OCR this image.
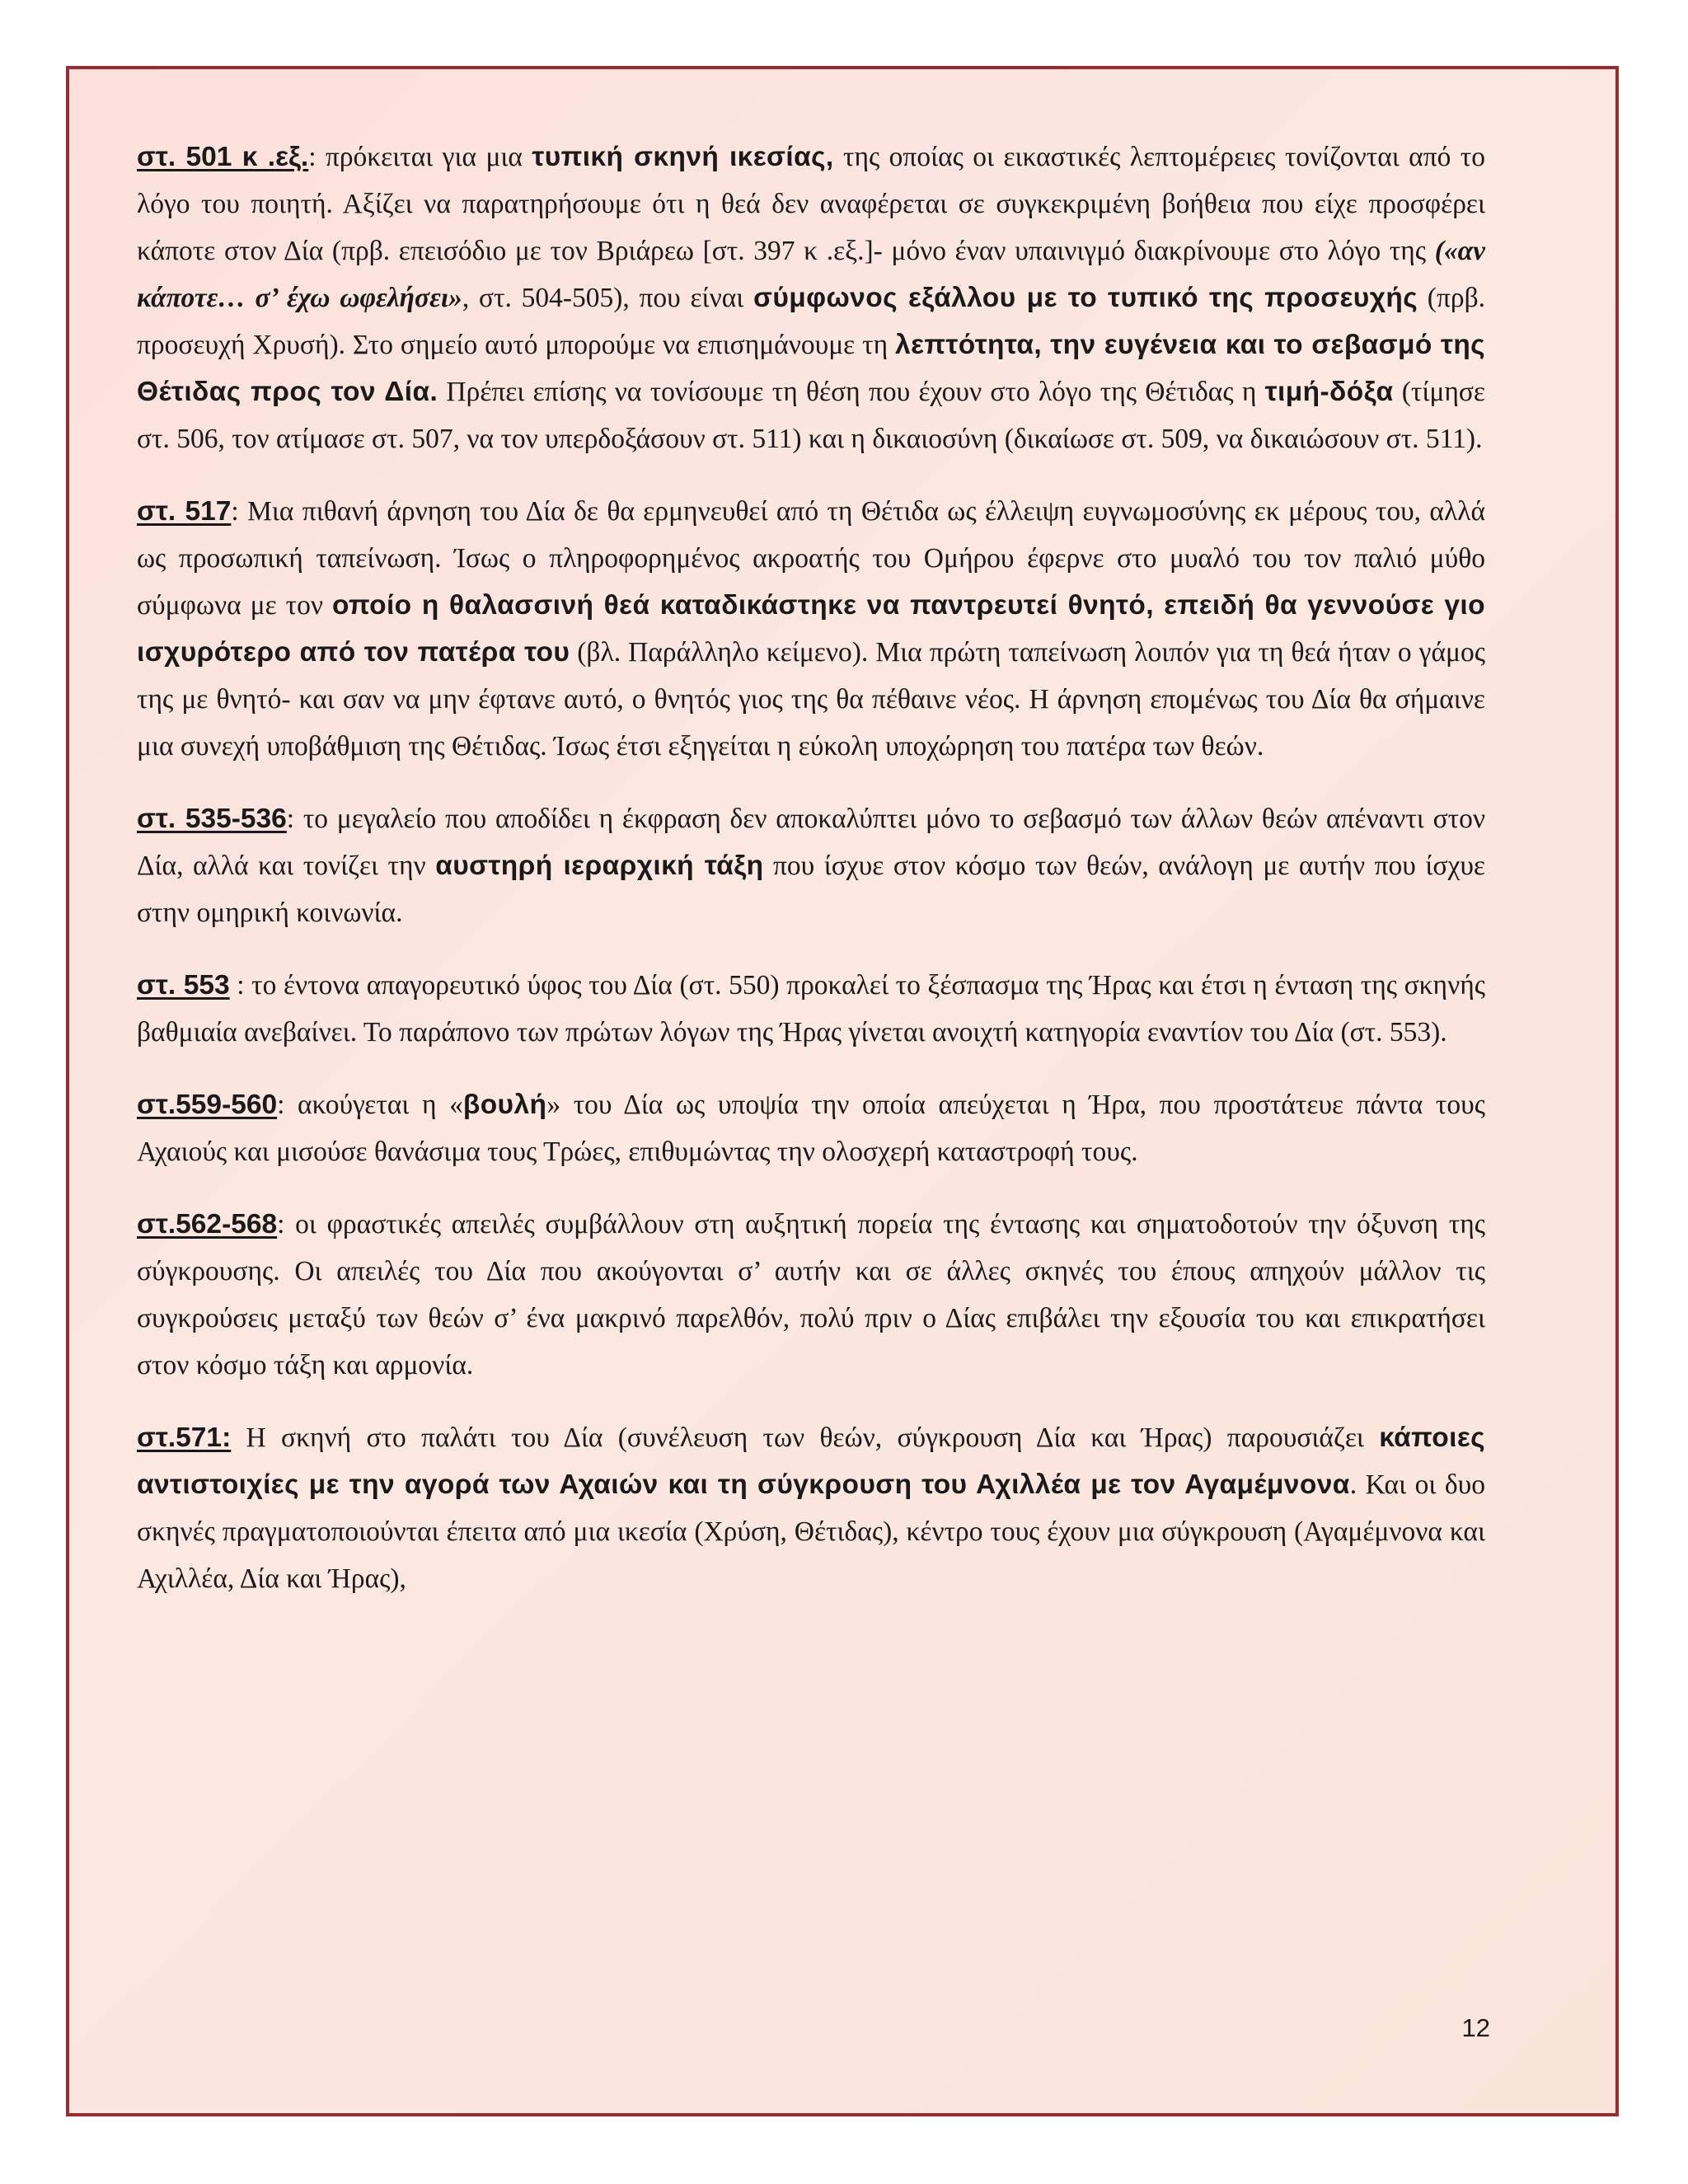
στ. 501 κ .εξ.: πρόκειται για μια τυπική σκηνή ικεσίας, της οποίας οι εικαστικές λεπτομέρειες τονίζονται από το λόγο του ποιητή. Αξίζει να παρατηρήσουμε ότι η θεά δεν αναφέρεται σε συγκεκριμένη βοήθεια που είχε προσφέρει κάποτε στον Δία (πρβ. επεισόδιο με τον Βριάρεω [στ. 397 κ .εξ.]- μόνο έναν υπαινιγμό διακρίνουμε στο λόγο της («αν κάποτε… σ’ έχω ωφελήσει», στ. 504-505), που είναι σύμφωνος εξάλλου με το τυπικό της προσευχής (πρβ. προσευχή Χρυσή). Στο σημείο αυτό μπορούμε να επισημάνουμε τη λεπτότητα, την ευγένεια και το σεβασμό της Θέτιδας προς τον Δία. Πρέπει επίσης να τονίσουμε τη θέση που έχουν στο λόγο της Θέτιδας η τιμή-δόξα (τίμησε στ. 506, τον ατίμασε στ. 507, να τον υπερδοξάσουν στ. 511) και η δικαιοσύνη (δικαίωσε στ. 509, να δικαιώσουν στ. 511).

στ. 517: Μια πιθανή άρνηση του Δία δε θα ερμηνευθεί από τη Θέτιδα ως έλλειψη ευγνωμοσύνης εκ μέρους του, αλλά ως προσωπική ταπείνωση. Ίσως ο πληροφορημένος ακροατής του Ομήρου έφερνε στο μυαλό του τον παλιό μύθο σύμφωνα με τον οποίο η θαλασσινή θεά καταδικάστηκε να παντρευτεί θνητό, επειδή θα γεννούσε γιο ισχυρότερο από τον πατέρα του (βλ. Παράλληλο κείμενο). Μια πρώτη ταπείνωση λοιπόν για τη θεά ήταν ο γάμος της με θνητό- και σαν να μην έφτανε αυτό, ο θνητός γιος της θα πέθαινε νέος. Η άρνηση επομένως του Δία θα σήμαινε μια συνεχή υποβάθμιση της Θέτιδας. Ίσως έτσι εξηγείται η εύκολη υποχώρηση του πατέρα των θεών.

στ. 535-536: το μεγαλείο που αποδίδει η έκφραση δεν αποκαλύπτει μόνο το σεβασμό των άλλων θεών απέναντι στον Δία, αλλά και τονίζει την αυστηρή ιεραρχική τάξη που ίσχυε στον κόσμο των θεών, ανάλογη με αυτήν που ίσχυε στην ομηρική κοινωνία.

στ. 553 : το έντονα απαγορευτικό ύφος του Δία (στ. 550) προκαλεί το ξέσπασμα της Ήρας και έτσι η ένταση της σκηνής βαθμιαία ανεβαίνει. Το παράπονο των πρώτων λόγων της Ήρας γίνεται ανοιχτή κατηγορία εναντίον του Δία (στ. 553).

στ.559-560: ακούγεται η «βουλή» του Δία ως υποψία την οποία απεύχεται η Ήρα, που προστάτευε πάντα τους Αχαιούς και μισούσε θανάσιμα τους Τρώες, επιθυμώντας την ολοσχερή καταστροφή τους.

στ.562-568: οι φραστικές απειλές συμβάλλουν στη αυξητική πορεία της έντασης και σηματοδοτούν την όξυνση της σύγκρουσης. Οι απειλές του Δία που ακούγονται σ’ αυτήν και σε άλλες σκηνές του έπους απηχούν μάλλον τις συγκρούσεις μεταξύ των θεών σ’ ένα μακρινό παρελθόν, πολύ πριν ο Δίας επιβάλει την εξουσία του και επικρατήσει στον κόσμο τάξη και αρμονία.

στ.571: Η σκηνή στο παλάτι του Δία (συνέλευση των θεών, σύγκρουση Δία και Ήρας) παρουσιάζει κάποιες αντιστοιχίες με την αγορά των Αχαιών και τη σύγκρουση του Αχιλλέα με τον Αγαμέμνονα. Και οι δυο σκηνές πραγματοποιούνται έπειτα από μια ικεσία (Χρύση, Θέτιδας), κέντρο τους έχουν μια σύγκρουση (Αγαμέμνονα και Αχιλλέα, Δία και Ήρας),

12
